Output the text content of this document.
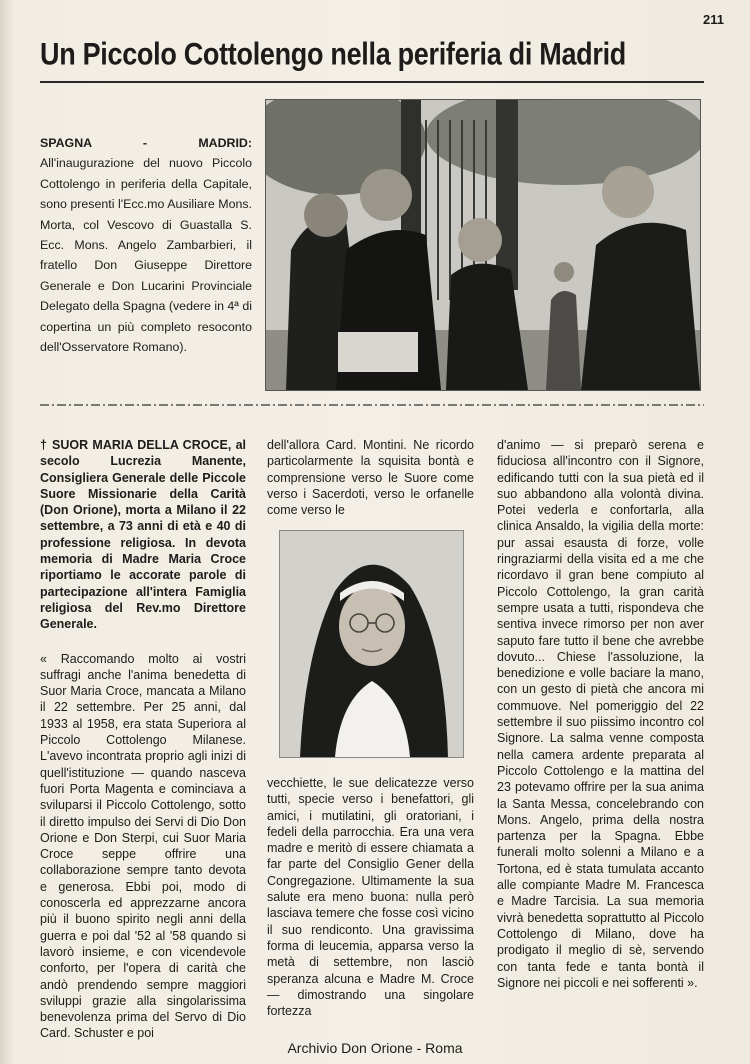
211
Un Piccolo Cottolengo nella periferia di Madrid
SPAGNA - MADRID: All'inaugurazione del nuovo Piccolo Cottolengo in periferia della Capitale, sono presenti l'Ecc.mo Ausiliare Mons. Morta, col Vescovo di Guastalla S. Ecc. Mons. Angelo Zambarbieri, il fratello Don Giuseppe Direttore Generale e Don Lucarini Provinciale Delegato della Spagna (vedere in 4ª di copertina un più completo resoconto dell'Osservatore Romano).

† SUOR MARIA DELLA CROCE, al secolo Lucrezia Manente, Consigliera Generale delle Piccole Suore Missionarie della Carità (Don Orione), morta a Milano il 22 settembre, a 73 anni di età e 40 di professione religiosa. In devota memoria di Madre Maria Croce riportiamo le accorate parole di partecipazione all'intera Famiglia religiosa del Rev.mo Direttore Generale.

« Raccomando molto ai vostri suffragi anche l'anima benedetta di Suor Maria Croce, mancata a Milano il 22 settembre. Per 25 anni, dal 1933 al 1958, era stata Superiora al Piccolo Cottolengo Milanese. L'avevo incontrata proprio agli inizi di quell'istituzione — quando nasceva fuori Porta Magenta e cominciava a sviluparsi il Piccolo Cottolengo, sotto il diretto impulso dei Servi di Dio Don Orione e Don Sterpi, cui Suor Maria Croce seppe offrire una collaborazione sempre tanto devota e generosa. Ebbi poi, modo di conoscerla ed apprezzarne ancora più il buono spirito negli anni della guerra e poi dal '52 al '58 quando si lavorò insieme, e con vicendevole conforto, per l'opera di carità che andò prendendo sempre maggiori sviluppi grazie alla singolarissima benevolenza prima del Servo di Dio Card. Schuster e poi

dell'allora Card. Montini. Ne ricordo particolarmente la squisita bontà e comprensione verso le Suore come verso i Sacerdoti, verso le orfanelle come verso le

vecchiette, le sue delicatezze verso tutti, specie verso i benefattori, gli amici, i mutilatini, gli oratoriani, i fedeli della parrocchia. Era una vera madre e meritò di essere chiamata a far parte del Consiglio Gener della Congregazione. Ultimamente la sua salute era meno buona: nulla però lasciava temere che fosse così vicino il suo rendiconto. Una gravissima forma di leucemia, apparsa verso la metà di settembre, non lasciò speranza alcuna e Madre M. Croce — dimostrando una singolare fortezza

d'animo — si preparò serena e fiduciosa all'incontro con il Signore, edificando tutti con la sua pietà ed il suo abbandono alla volontà divina. Potei vederla e confortarla, alla clinica Ansaldo, la vigilia della morte: pur assai esausta di forze, volle ringraziarmi della visita ed a me che ricordavo il gran bene compiuto al Piccolo Cottolengo, la gran carità sempre usata a tutti, rispondeva che sentiva invece rimorso per non aver saputo fare tutto il bene che avrebbe dovuto... Chiese l'assoluzione, la benedizione e volle baciare la mano, con un gesto di pietà che ancora mi commuove. Nel pomeriggio del 22 settembre il suo piissimo incontro col Signore. La salma venne composta nella camera ardente preparata al Piccolo Cottolengo e la mattina del 23 potevamo offrire per la sua anima la Santa Messa, concelebrando con Mons. Angelo, prima della nostra partenza per la Spagna. Ebbe funerali molto solenni a Milano e a Tortona, ed è stata tumulata accanto alle compiante Madre M. Francesca e Madre Tarcisia. La sua memoria vivrà benedetta soprattutto al Piccolo Cottolengo di Milano, dove ha prodigato il meglio di sè, servendo con tanta fede e tanta bontà il Signore nei piccoli e nei sofferenti ».

Archivio Don Orione - Roma
